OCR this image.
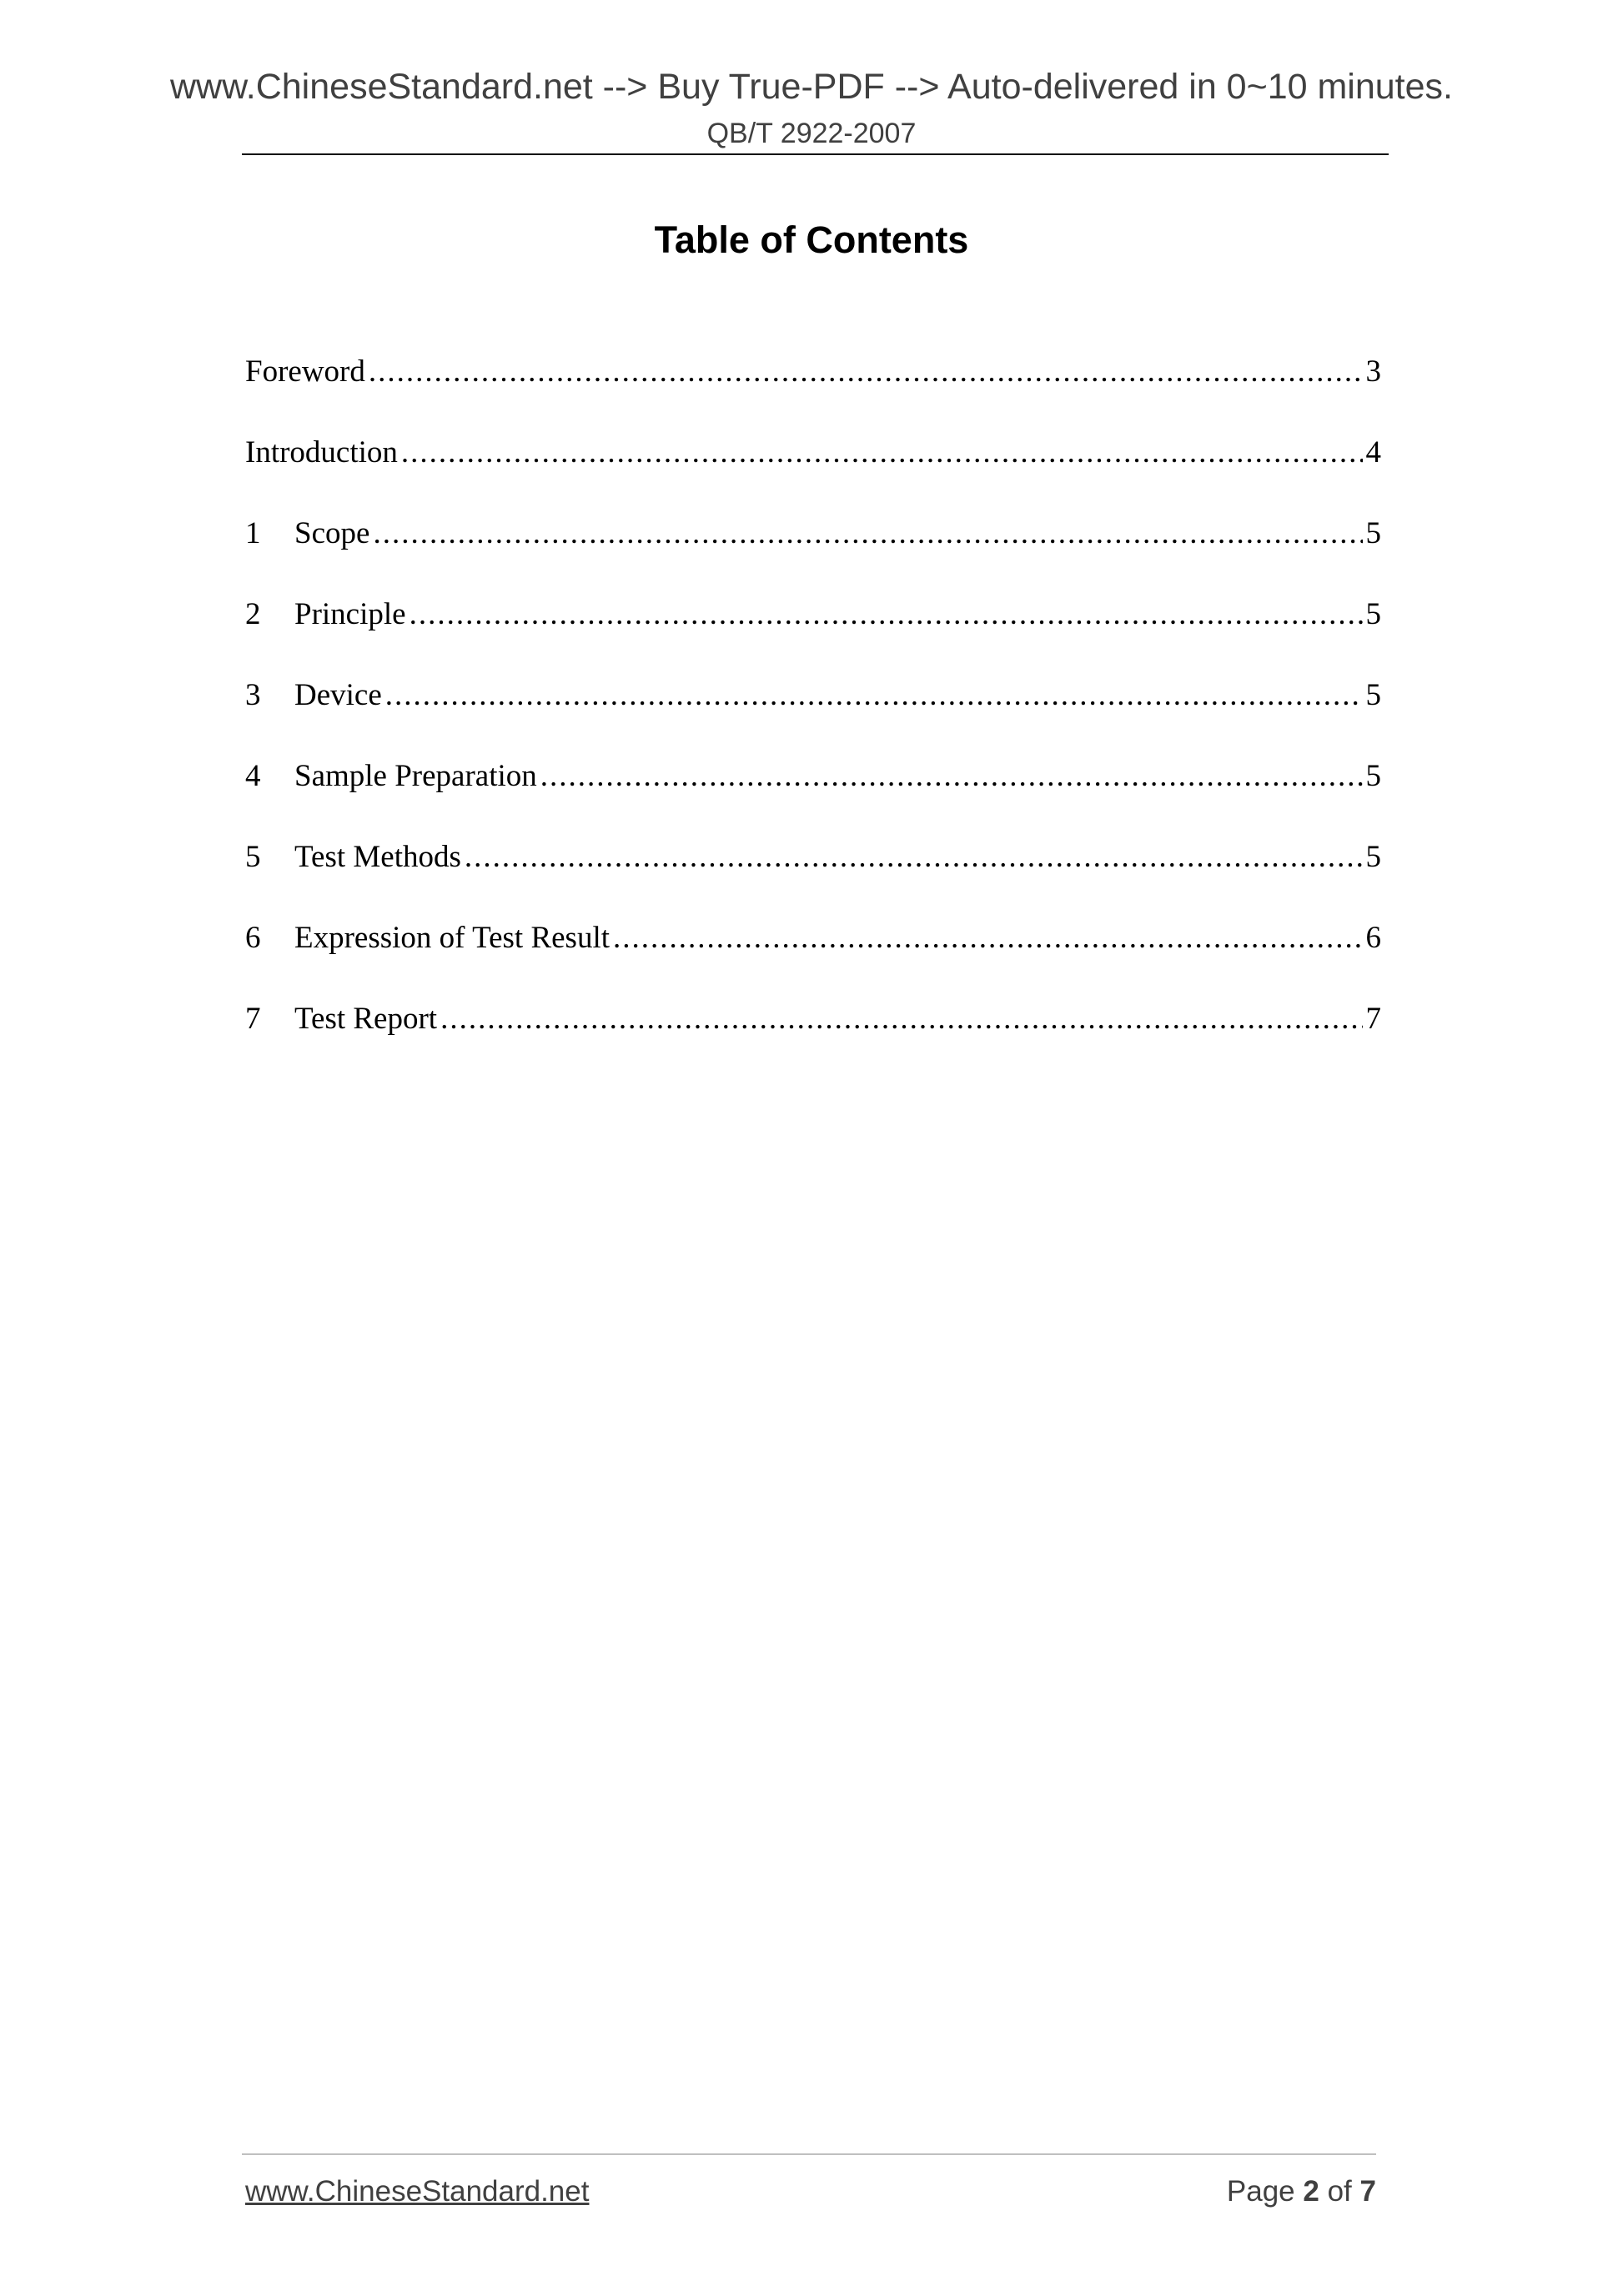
www.ChineseStandard.net --> Buy True-PDF --> Auto-delivered in 0~10 minutes.
QB/T 2922-2007
Table of Contents
Foreword .....	3
Introduction .....	4
1	Scope .....	5
2	Principle .....	5
3	Device .....	5
4	Sample Preparation .....	5
5	Test Methods .....	5
6	Expression of Test Result .....	6
7	Test Report .....	7
www.ChineseStandard.net	Page 2 of 7
